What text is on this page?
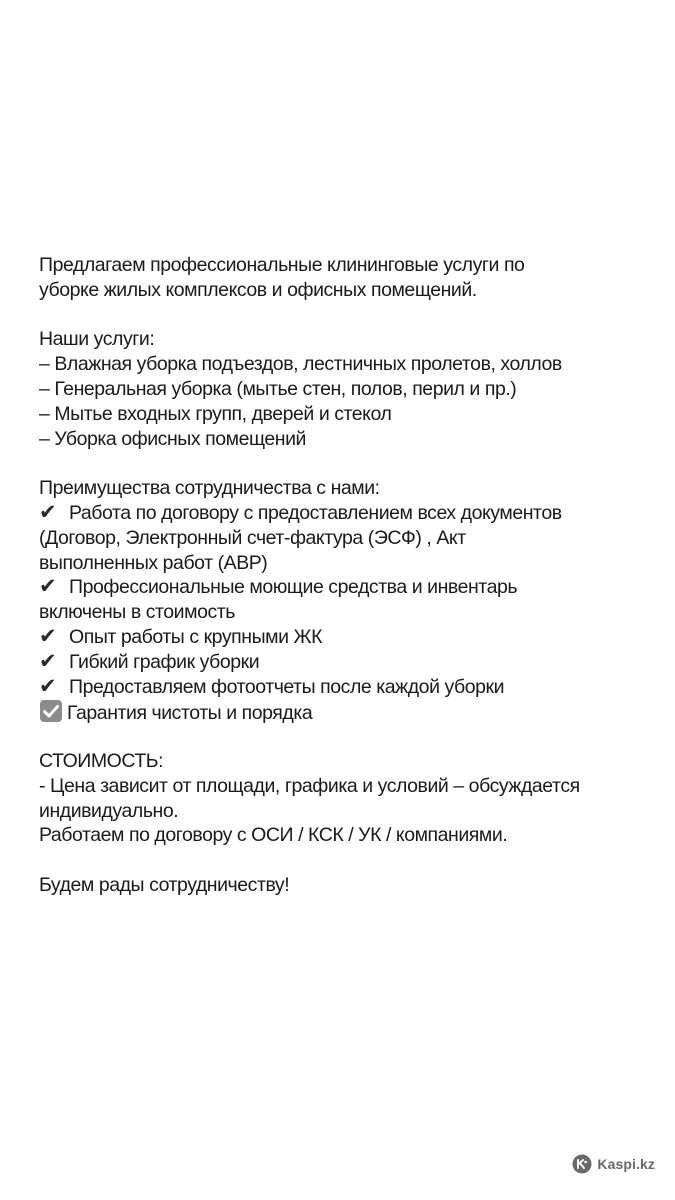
Предлагаем профессиональные клининговые услуги по
уборке жилых комплексов и офисных помещений.
Наши услуги:
– Влажная уборка подъездов, лестничных пролетов, холлов
– Генеральная уборка (мытье стен, полов, перил и пр.)
– Мытье входных групп, дверей и стекол
– Уборка офисных помещений
Преимущества сотрудничества с нами:
✔ Работа по договору с предоставлением всех документов
(Договор, Электронный счет-фактура (ЭСФ) , Акт
выполненных работ (АВР)
✔ Профессиональные моющие средства и инвентарь
включены в стоимость
✔ Опыт работы с крупными ЖК
✔ Гибкий график уборки
✔ Предоставляем фотоотчеты после каждой уборки
Гарантия чистоты и порядка
СТОИМОСТЬ:
- Цена зависит от площади, графика и условий – обсуждается
индивидуально.
Работаем по договору с ОСИ / КСК / УК / компаниями.
Будем рады сотрудничеству!
Kaspi.kz
